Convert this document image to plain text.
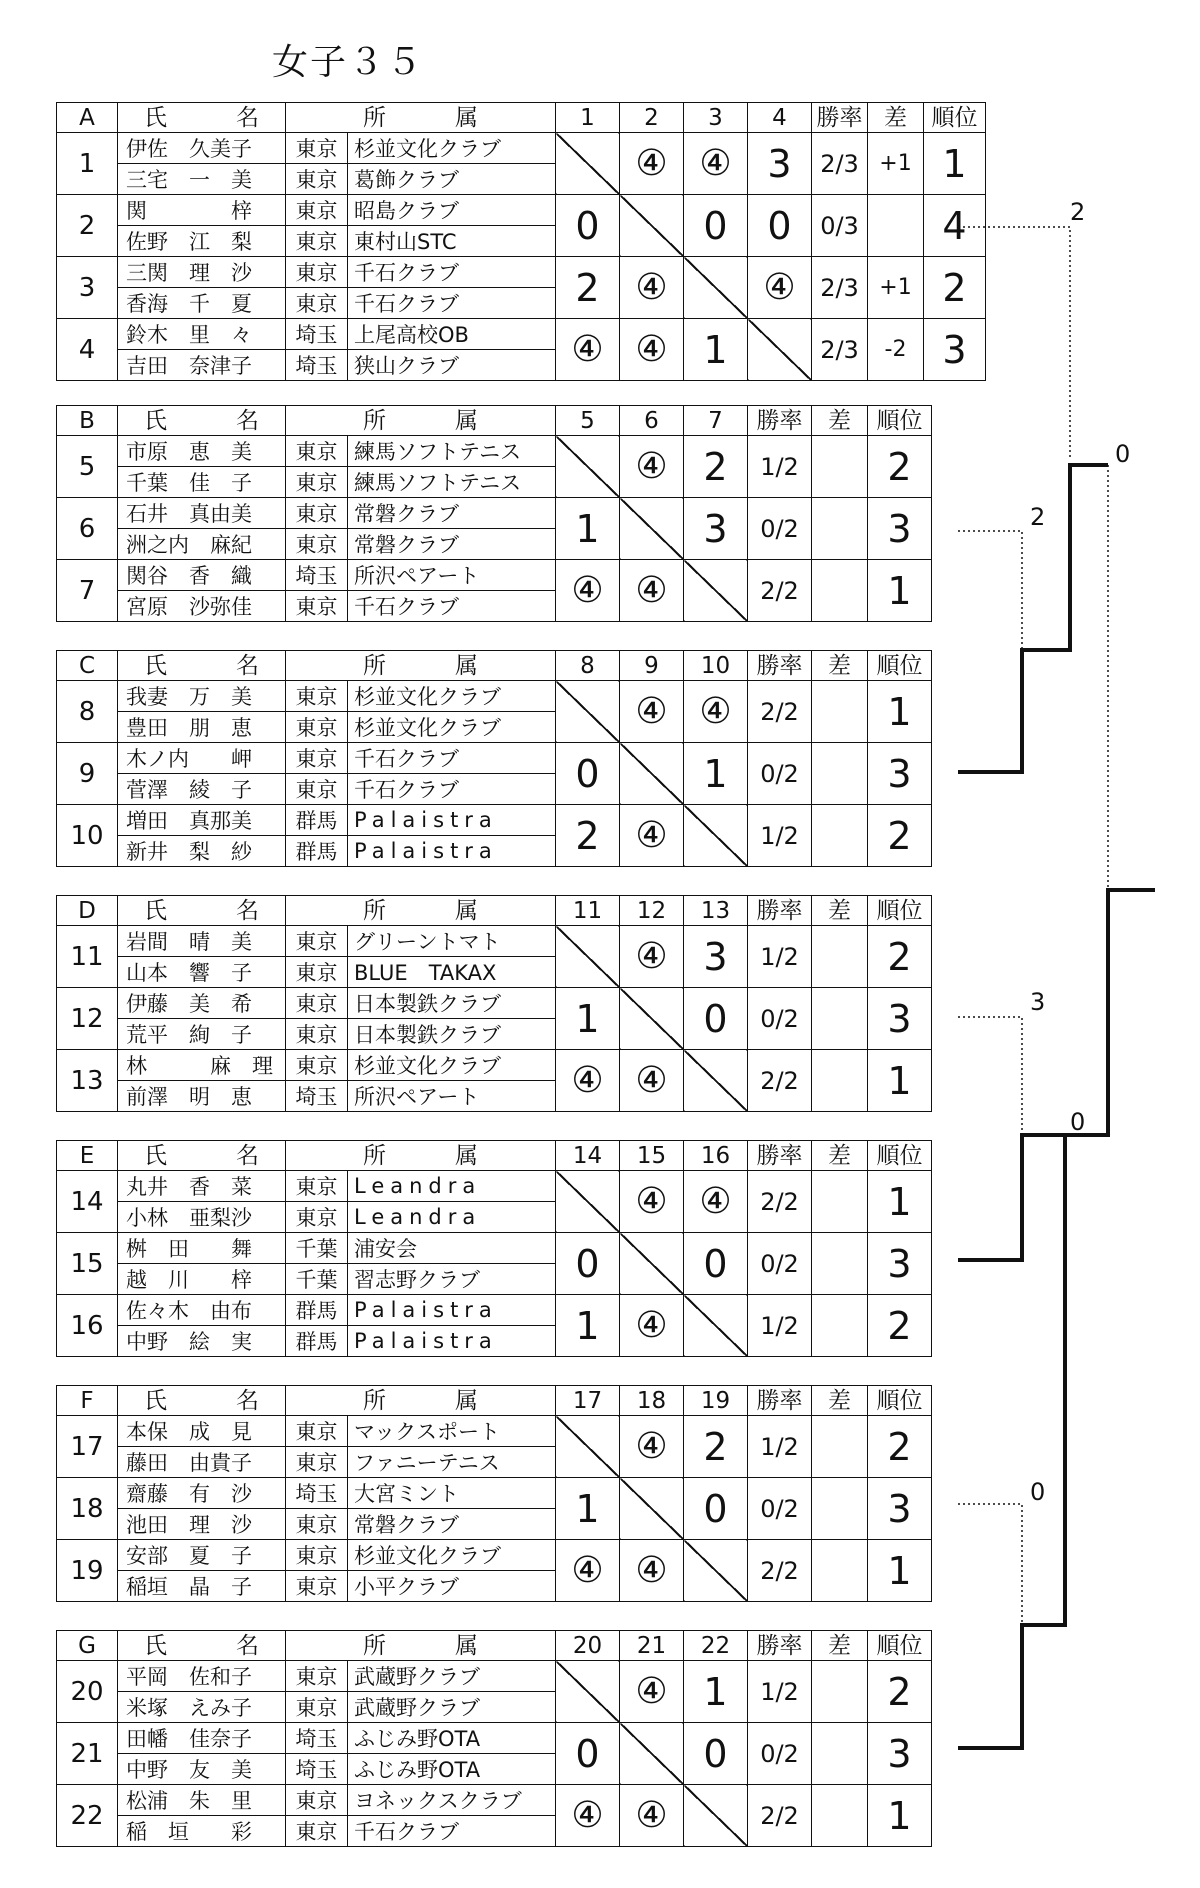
女子３５
A	氏　　　名	所　　　属		1	2	3	4	勝率	差	順位
1	伊佐　久美子	東京	杉並文化クラブ		④	④	3	2/3	+1	1
	三宅　一　美	東京	葛飾クラブ							
2	関　　　　梓	東京	昭島クラブ	0		0	0	0/3		4
	佐野　江　梨	東京	東村山STC							
3	三関　理　沙	東京	千石クラブ	2	④		④	2/3	+1	2
	香海　千　夏	東京	千石クラブ							
4	鈴木　里　々	埼玉	上尾高校OB	④	④	1		2/3	-2	3
	吉田　奈津子	埼玉	狭山クラブ							
B	氏　　　名	所　　　属		5	6	7	勝率	差	順位
5	市原　恵　美	東京	練馬ソフトテニス		④	2	1/2		2
	千葉　佳　子	東京	練馬ソフトテニス						
6	石井　真由美	東京	常磐クラブ	1		3	0/2		3
	洲之内　麻紀	東京	常磐クラブ						
7	関谷　香　織	埼玉	所沢ペアート	④	④		2/2		1
	宮原　沙弥佳	東京	千石クラブ						
C	氏　　　名	所　　　属		8	9	10	勝率	差	順位
8	我妻　万　美	東京	杉並文化クラブ		④	④	2/2		1
	豊田　朋　恵	東京	杉並文化クラブ						
9	木ノ内　　岬	東京	千石クラブ	0		1	0/2		3
	菅澤　綾　子	東京	千石クラブ						
10	増田　真那美	群馬	Palaistra	2	④		1/2		2
	新井　梨　紗	群馬	Palaistra						
D	氏　　　名	所　　　属		11	12	13	勝率	差	順位
11	岩間　晴　美	東京	グリーントマト		④	3	1/2		2
	山本　響　子	東京	BLUE　TAKAX						
12	伊藤　美　希	東京	日本製鉄クラブ	1		0	0/2		3
	荒平　絢　子	東京	日本製鉄クラブ						
13	林　　　麻　理	東京	杉並文化クラブ	④	④		2/2		1
	前澤　明　恵	埼玉	所沢ペアート						
E	氏　　　名	所　　　属		14	15	16	勝率	差	順位
14	丸井　香　菜	東京	Leandra		④	④	2/2		1
	小林　亜梨沙	東京	Leandra						
15	桝　田　　舞	千葉	浦安会	0		0	0/2		3
	越　川　　梓	千葉	習志野クラブ						
16	佐々木　由布	群馬	Palaistra	1	④		1/2		2
	中野　絵　実	群馬	Palaistra						
F	氏　　　名	所　　　属		17	18	19	勝率	差	順位
17	本保　成　見	東京	マックスポート		④	2	1/2		2
	藤田　由貴子	東京	ファニーテニス						
18	齋藤　有　沙	埼玉	大宮ミント	1		0	0/2		3
	池田　理　沙	東京	常磐クラブ						
19	安部　夏　子	東京	杉並文化クラブ	④	④		2/2		1
	稲垣　晶　子	東京	小平クラブ						
G	氏　　　名	所　　　属		20	21	22	勝率	差	順位
20	平岡　佐和子	東京	武蔵野クラブ		④	1	1/2		2
	米塚　えみ子	東京	武蔵野クラブ						
21	田幡　佳奈子	埼玉	ふじみ野OTA	0		0	0/2		3
	中野　友　美	埼玉	ふじみ野OTA						
22	松浦　朱　里	東京	ヨネックスクラブ	④	④		2/2		1
	稲　垣　　彩	東京	千石クラブ						
2
2
0
3
0
0
